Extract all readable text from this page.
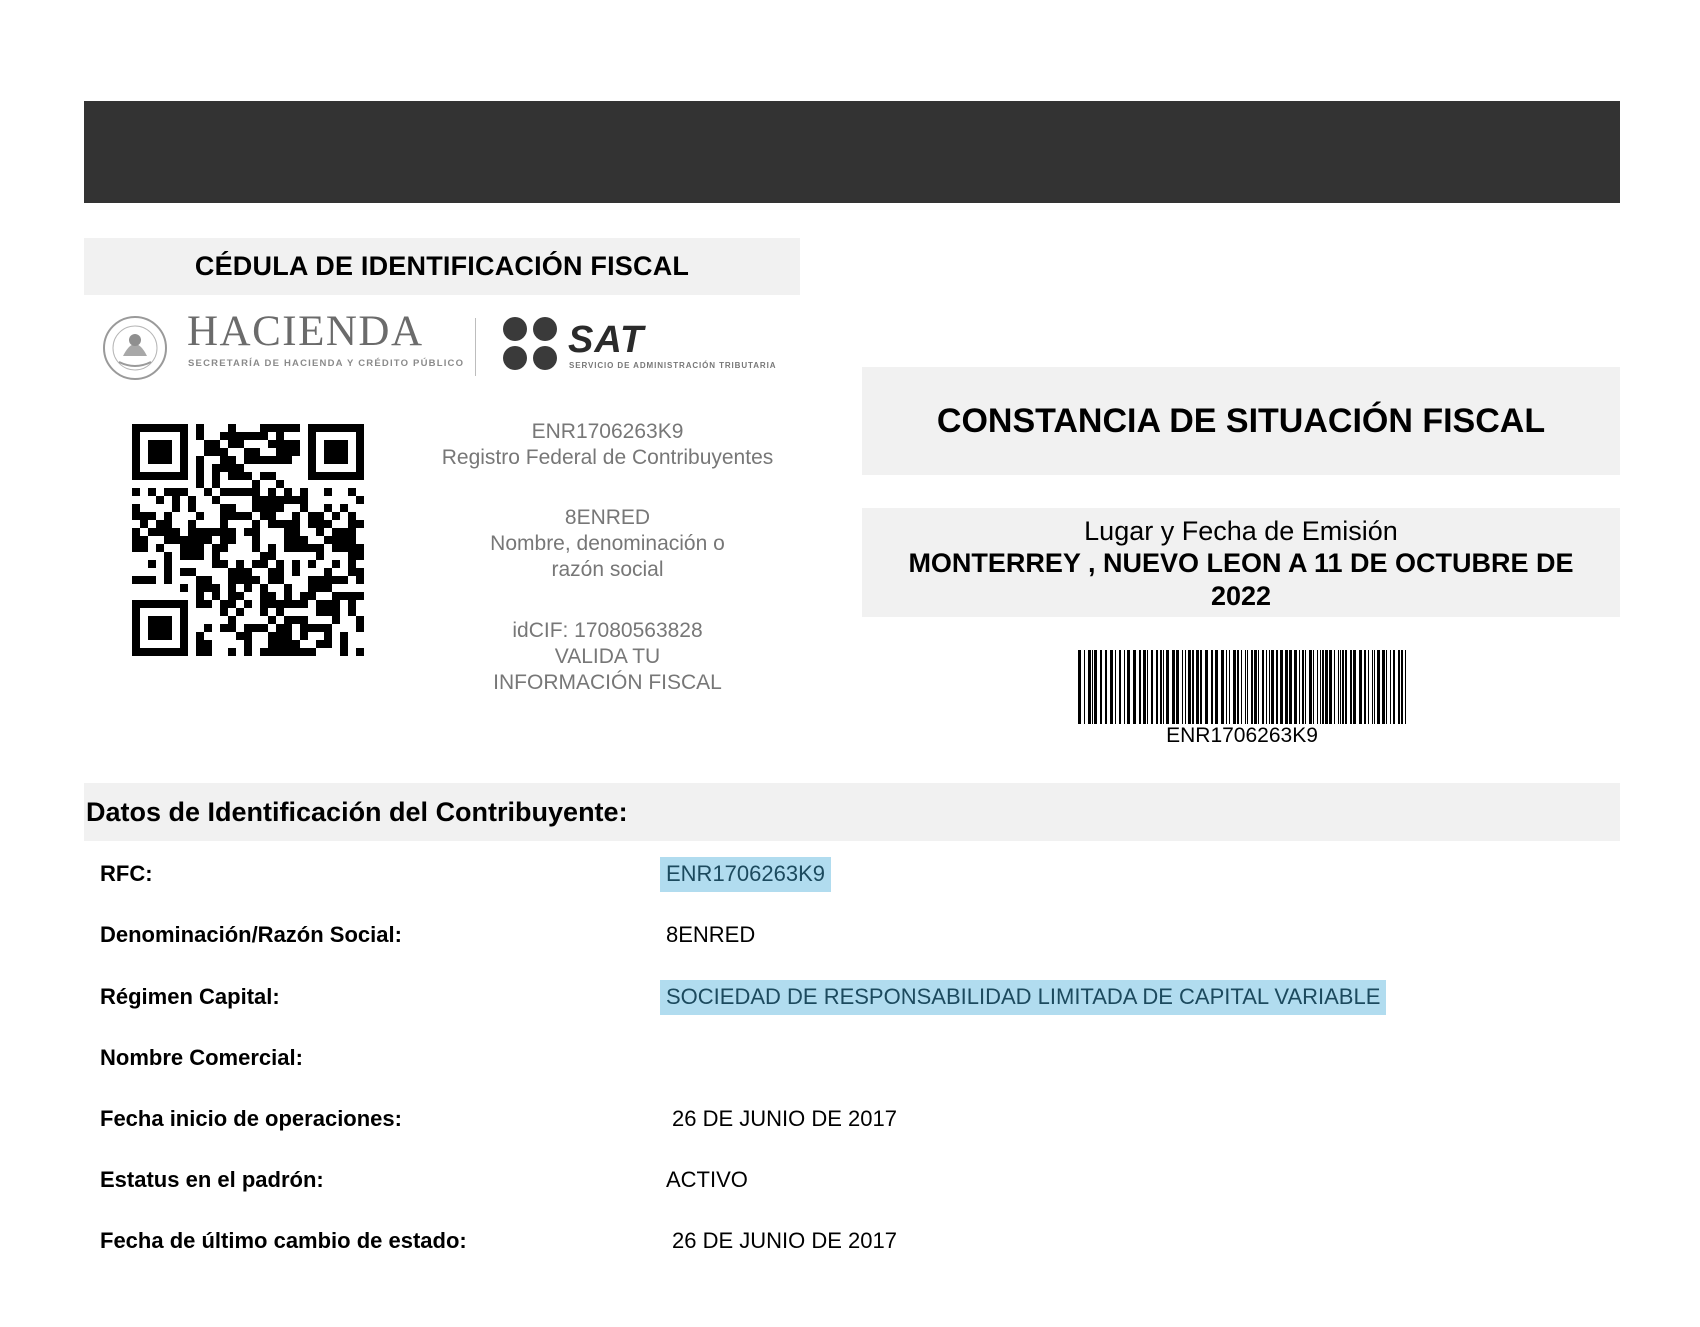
CÉDULA DE IDENTIFICACIÓN FISCAL
HACIENDA
SECRETARÍA DE HACIENDA Y CRÉDITO PÚBLICO
SAT
SERVICIO DE ADMINISTRACIÓN TRIBUTARIA
ENR1706263K9
Registro Federal de Contribuyentes
8ENRED
Nombre, denominación o razón social
idCIF: 17080563828
VALIDA TU INFORMACIÓN FISCAL
CONSTANCIA DE SITUACIÓN FISCAL
Lugar y Fecha de Emisión
MONTERREY , NUEVO LEON A 11 DE OCTUBRE DE 2022
ENR1706263K9
Datos de Identificación del Contribuyente:
RFC:	ENR1706263K9
Denominación/Razón Social:	8ENRED
Régimen Capital:	SOCIEDAD DE RESPONSABILIDAD LIMITADA DE CAPITAL VARIABLE
Nombre Comercial:
Fecha inicio de operaciones:	26 DE JUNIO DE 2017
Estatus en el padrón:	ACTIVO
Fecha de último cambio de estado:	26 DE JUNIO DE 2017
